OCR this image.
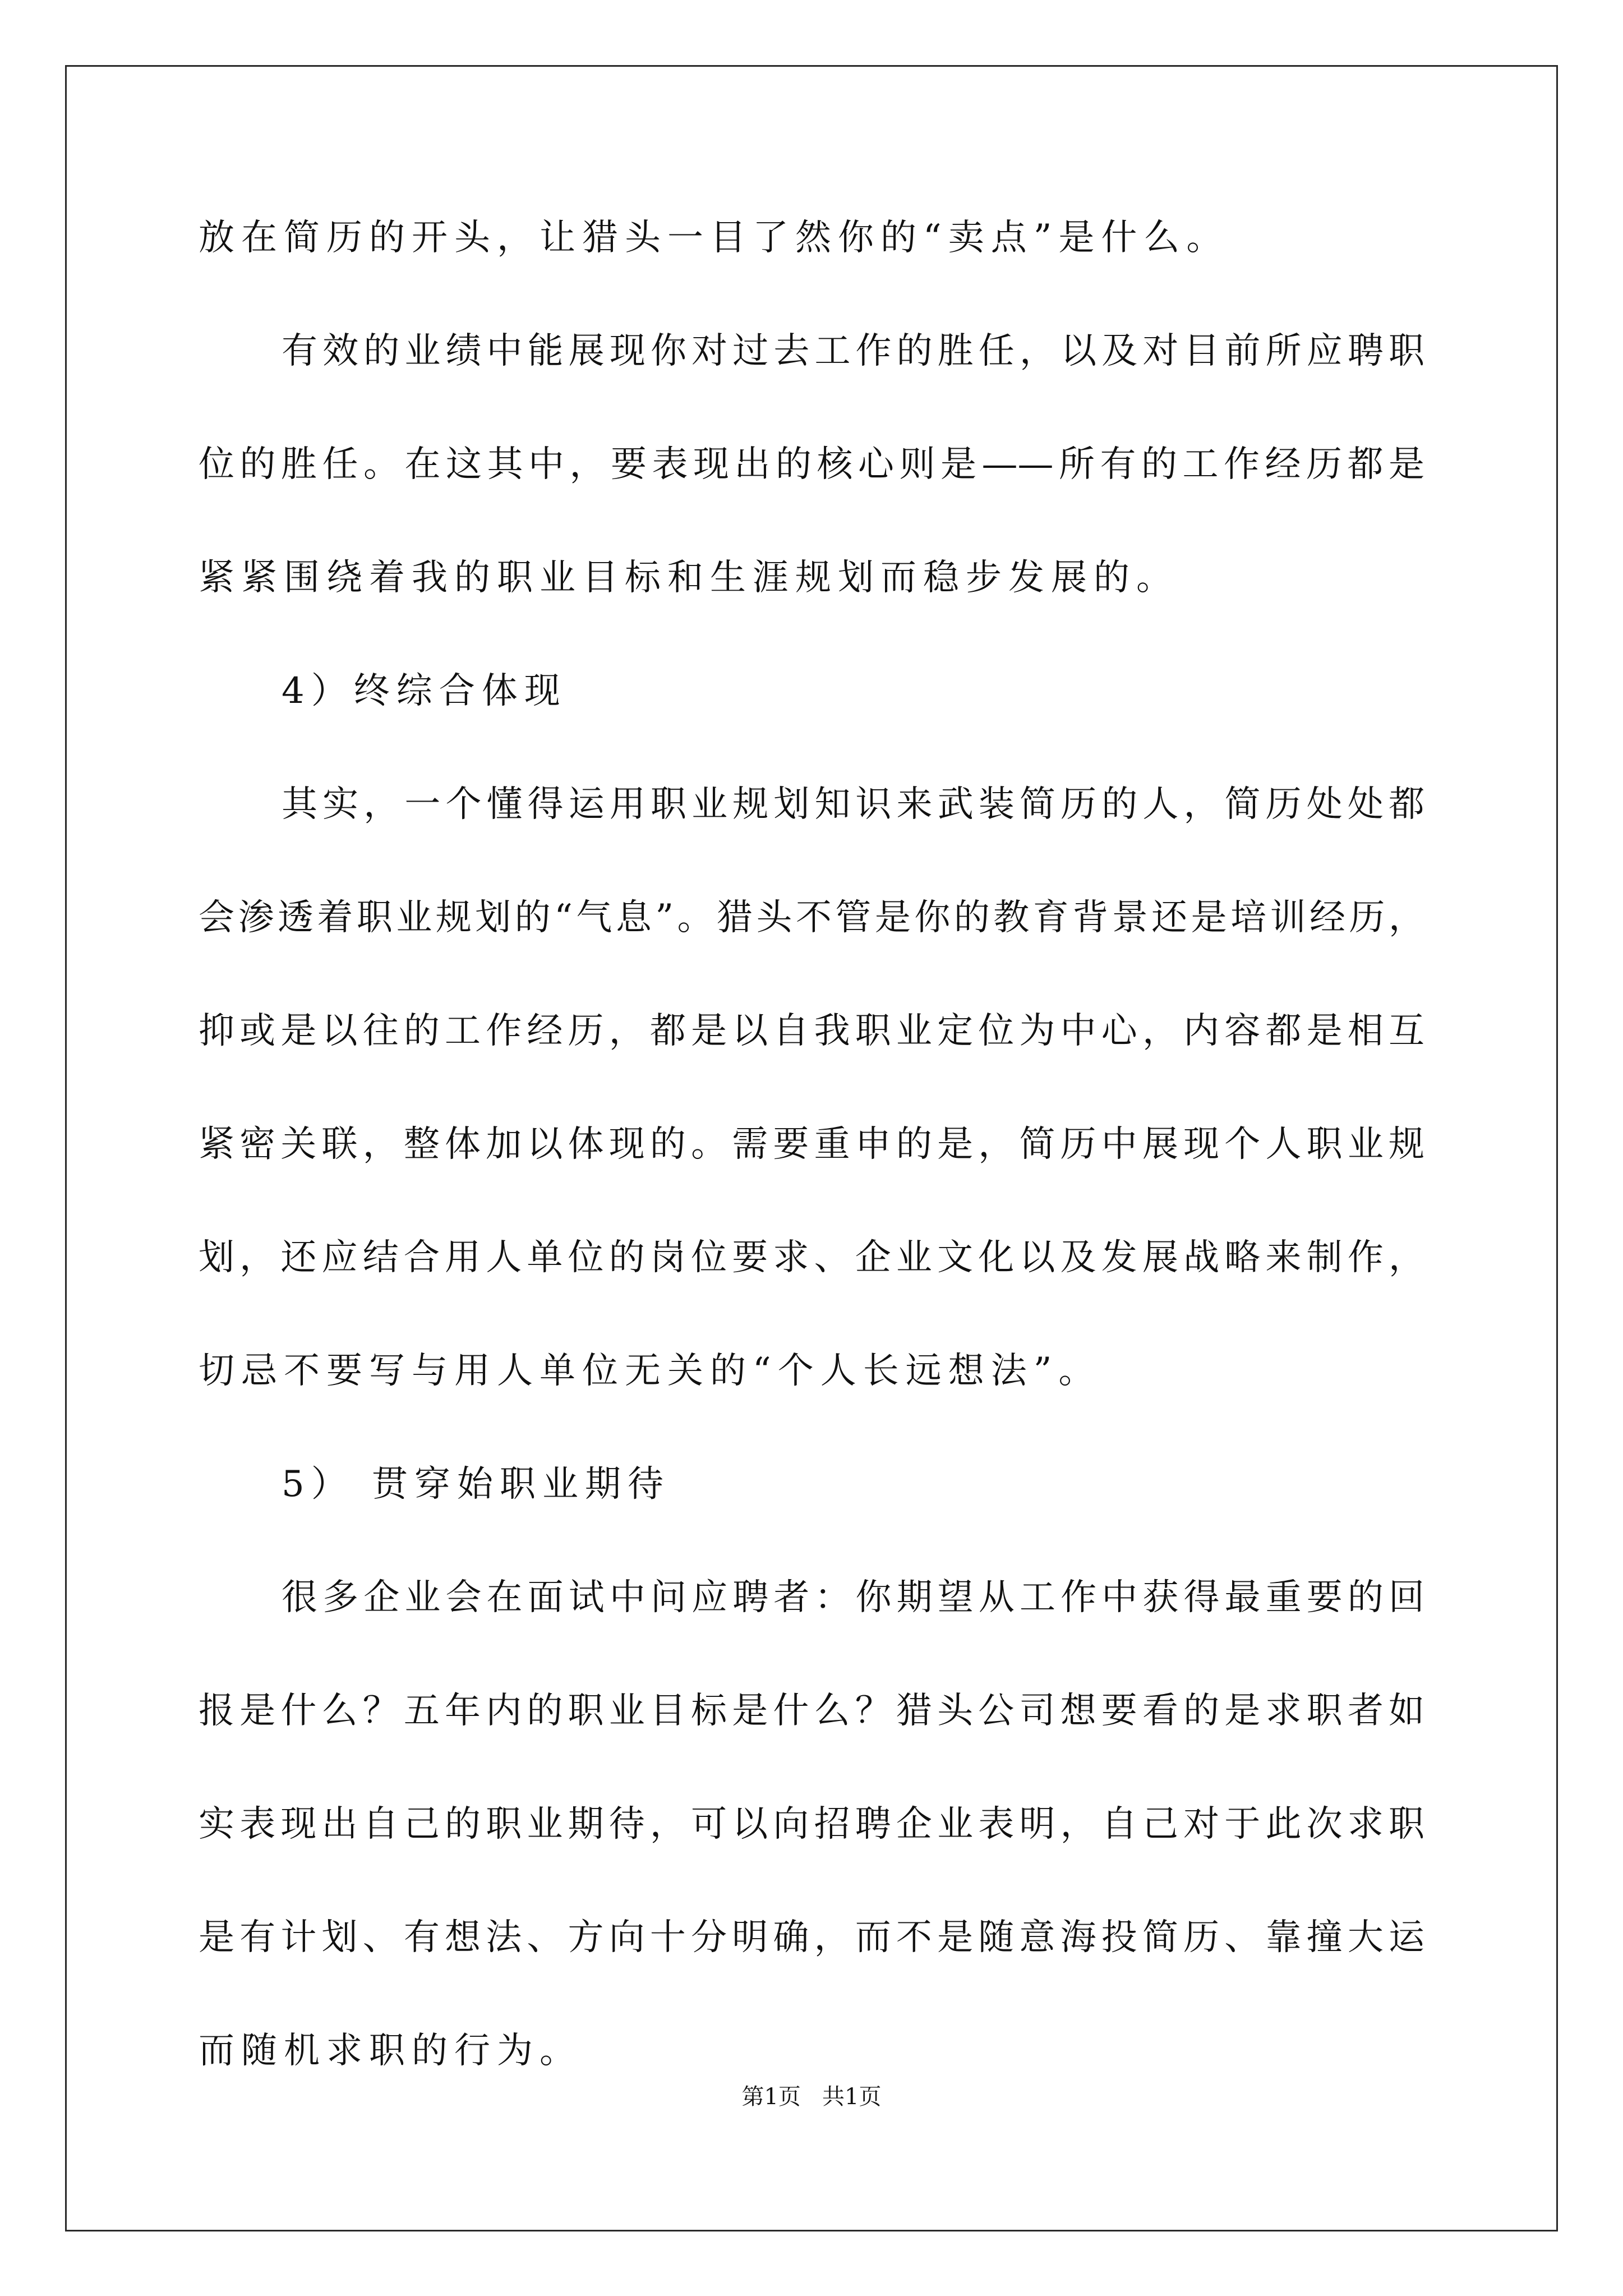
放在简历的开头，让猎头一目了然你的“卖点”是什么。
有效的业绩中能展现你对过去工作的胜任，以及对目前所应聘职
位的胜任。在这其中，要表现出的核心则是——所有的工作经历都是
紧紧围绕着我的职业目标和生涯规划而稳步发展的。
4）终综合体现
其实，一个懂得运用职业规划知识来武装简历的人，简历处处都
会渗透着职业规划的“气息”。猎头不管是你的教育背景还是培训经历，
抑或是以往的工作经历，都是以自我职业定位为中心，内容都是相互
紧密关联，整体加以体现的。需要重申的是，简历中展现个人职业规
划，还应结合用人单位的岗位要求、企业文化以及发展战略来制作，
切忌不要写与用人单位无关的“个人长远想法”。
5） 贯穿始职业期待
很多企业会在面试中问应聘者：你期望从工作中获得最重要的回
报是什么？五年内的职业目标是什么？猎头公司想要看的是求职者如
实表现出自己的职业期待，可以向招聘企业表明，自己对于此次求职
是有计划、有想法、方向十分明确，而不是随意海投简历、靠撞大运
而随机求职的行为。
第1页   共1页
